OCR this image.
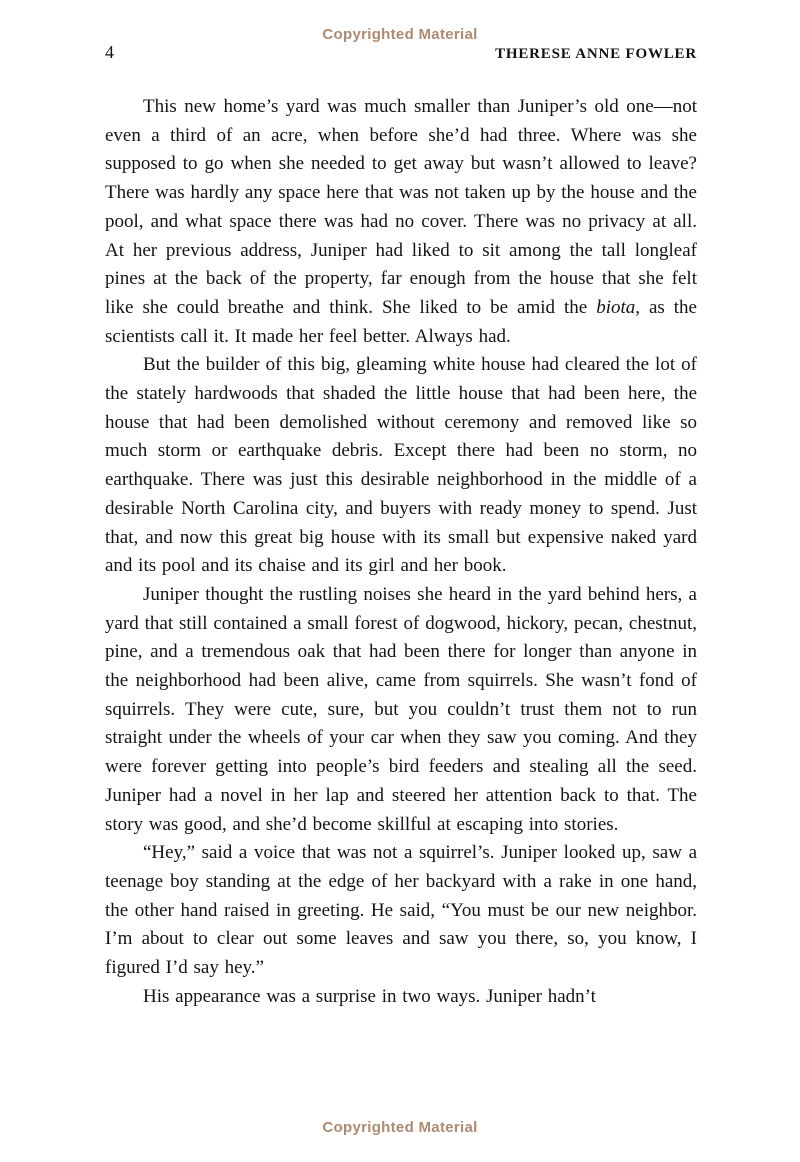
Copyrighted Material
4	THERESE ANNE FOWLER

This new home’s yard was much smaller than Juniper’s old one—not even a third of an acre, when before she’d had three. Where was she supposed to go when she needed to get away but wasn’t allowed to leave? There was hardly any space here that was not taken up by the house and the pool, and what space there was had no cover. There was no privacy at all. At her previous address, Juniper had liked to sit among the tall longleaf pines at the back of the property, far enough from the house that she felt like she could breathe and think. She liked to be amid the biota, as the scientists call it. It made her feel better. Always had.

But the builder of this big, gleaming white house had cleared the lot of the stately hardwoods that shaded the little house that had been here, the house that had been demolished without ceremony and removed like so much storm or earthquake debris. Except there had been no storm, no earthquake. There was just this desirable neighborhood in the middle of a desirable North Carolina city, and buyers with ready money to spend. Just that, and now this great big house with its small but expensive naked yard and its pool and its chaise and its girl and her book.

Juniper thought the rustling noises she heard in the yard behind hers, a yard that still contained a small forest of dogwood, hickory, pecan, chestnut, pine, and a tremendous oak that had been there for longer than anyone in the neighborhood had been alive, came from squirrels. She wasn’t fond of squirrels. They were cute, sure, but you couldn’t trust them not to run straight under the wheels of your car when they saw you coming. And they were forever getting into people’s bird feeders and stealing all the seed. Juniper had a novel in her lap and steered her attention back to that. The story was good, and she’d become skillful at escaping into stories.

“Hey,” said a voice that was not a squirrel’s. Juniper looked up, saw a teenage boy standing at the edge of her backyard with a rake in one hand, the other hand raised in greeting. He said, “You must be our new neighbor. I’m about to clear out some leaves and saw you there, so, you know, I figured I’d say hey.”

His appearance was a surprise in two ways. Juniper hadn’t

Copyrighted Material
